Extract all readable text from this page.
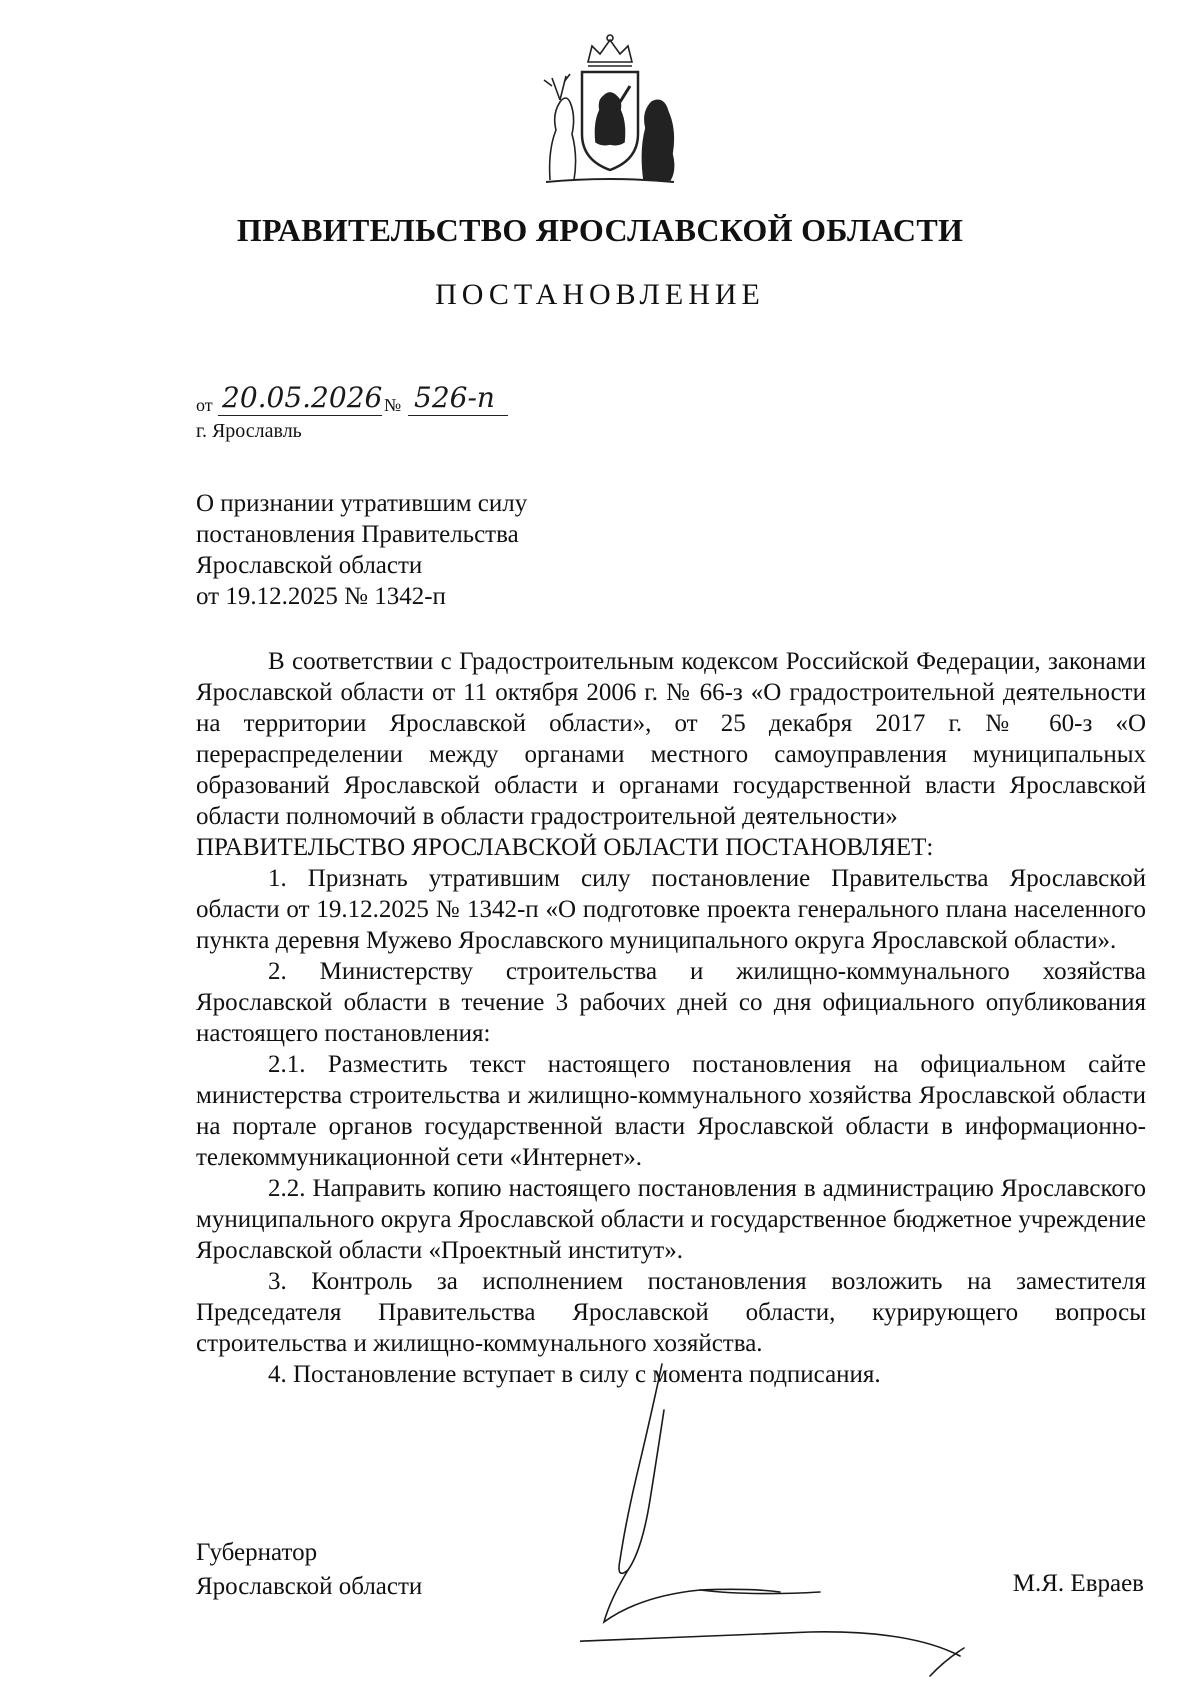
ПРАВИТЕЛЬСТВО ЯРОСЛАВСКОЙ ОБЛАСТИ
ПОСТАНОВЛЕНИЕ
от 20.05.2026 № 526-п
г. Ярославль
О признании утратившим силу
постановления Правительства
Ярославской области
от 19.12.2025 № 1342-п

В соответствии с Градостроительным кодексом Российской Федерации, законами Ярославской области от 11 октября 2006 г. № 66-з «О градостроительной деятельности на территории Ярославской области», от 25 декабря 2017 г. № 60-з «О перераспределении между органами местного самоуправления муниципальных образований Ярославской области и органами государственной власти Ярославской области полномочий в области градостроительной деятельности»

ПРАВИТЕЛЬСТВО ЯРОСЛАВСКОЙ ОБЛАСТИ ПОСТАНОВЛЯЕТ:

1. Признать утратившим силу постановление Правительства Ярославской области от 19.12.2025 № 1342-п «О подготовке проекта генерального плана населенного пункта деревня Мужево Ярославского муниципального округа Ярославской области».

2. Министерству строительства и жилищно-коммунального хозяйства Ярославской области в течение 3 рабочих дней со дня официального опубликования настоящего постановления:

2.1. Разместить текст настоящего постановления на официальном сайте министерства строительства и жилищно-коммунального хозяйства Ярославской области на портале органов государственной власти Ярославской области в информационно-телекоммуникационной сети «Интернет».

2.2. Направить копию настоящего постановления в администрацию Ярославского муниципального округа Ярославской области и государственное бюджетное учреждение Ярославской области «Проектный институт».

3. Контроль за исполнением постановления возложить на заместителя Председателя Правительства Ярославской области, курирующего вопросы строительства и жилищно-коммунального хозяйства.

4. Постановление вступает в силу с момента подписания.

Губернатор
Ярославской области	М.Я. Евраев
